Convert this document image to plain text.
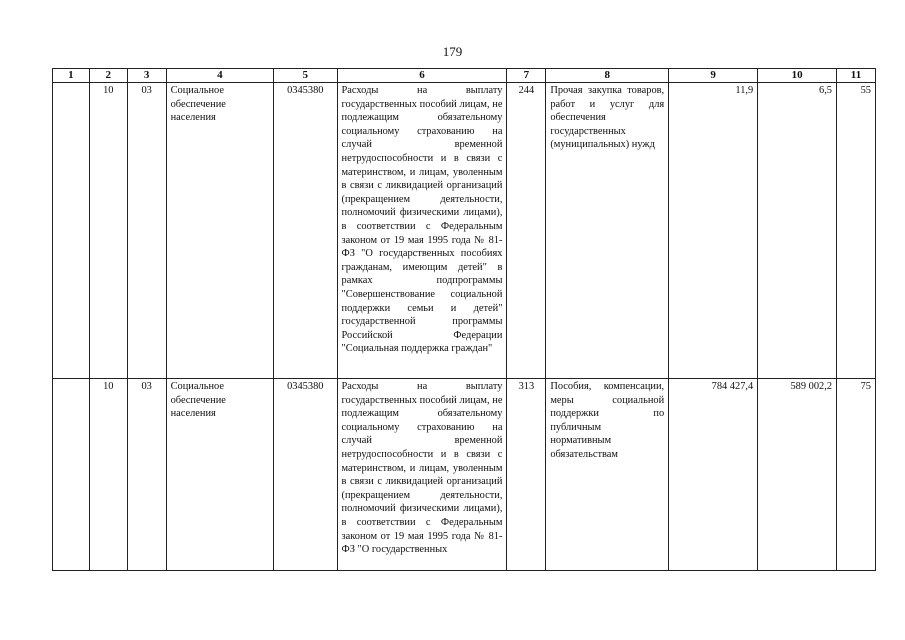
179
1	2	3	4	5	6	7	8	9	10	11
	10	03	Социальное обеспечение населения	0345380	Расходы на выплату государственных пособий лицам, не подлежащим обязательному социальному страхованию на случай временной нетрудоспособности и в связи с материнством, и лицам, уволенным в связи с ликвидацией организаций (прекращением деятельности, полномочий физическими лицами), в соответствии с Федеральным законом от 19 мая 1995 года № 81-ФЗ "О государственных пособиях гражданам, имеющим детей" в рамках подпрограммы "Совершенствование социальной поддержки семьи и детей" государственной программы Российской Федерации "Социальная поддержка граждан"	244	Прочая закупка товаров, работ и услуг для обеспечения государственных (муниципальных) нужд	11,9	6,5	55
	10	03	Социальное обеспечение населения	0345380	Расходы на выплату государственных пособий лицам, не подлежащим обязательному социальному страхованию на случай временной нетрудоспособности и в связи с материнством, и лицам, уволенным в связи с ликвидацией организаций (прекращением деятельности, полномочий физическими лицами), в соответствии с Федеральным законом от 19 мая 1995 года № 81-ФЗ "О государственных	313	Пособия, компенсации, меры социальной поддержки по публичным нормативным обязательствам	784 427,4	589 002,2	75
